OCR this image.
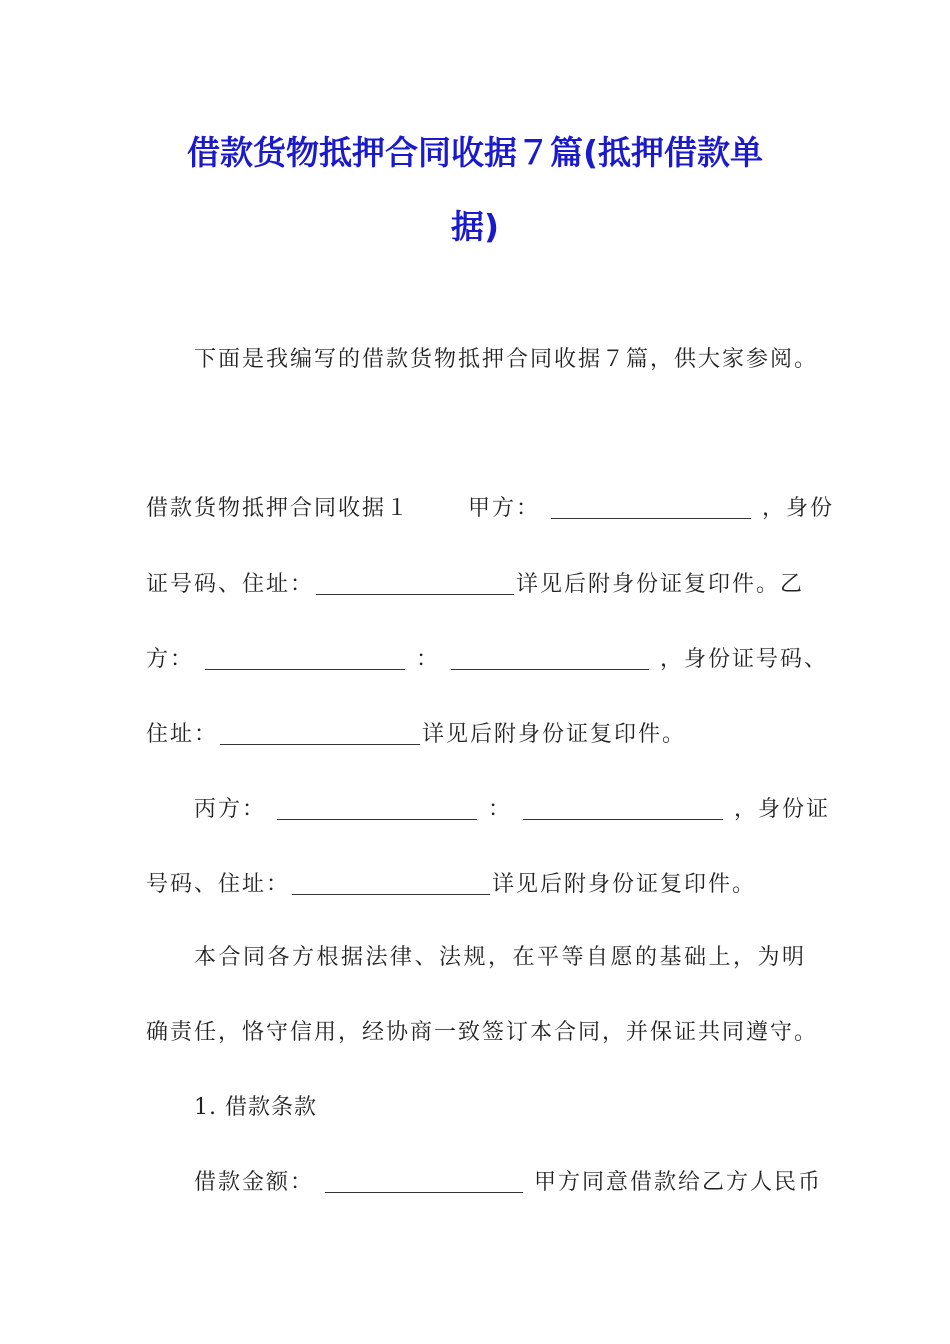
借款货物抵押合同收据７篇(抵押借款单
据)
下面是我编写的借款货物抵押合同收据７篇，供大家参阅。
借款货物抵押合同收据１	甲方：	，身份
证号码、住址：	详见后附身份证复印件。乙
方：	：	，身份证号码、
住址：	详见后附身份证复印件。
丙方：	：	，身份证
号码、住址：	详见后附身份证复印件。
本合同各方根据法律、法规，在平等自愿的基础上，为明
确责任，恪守信用，经协商一致签订本合同，并保证共同遵守。
1. 借款条款
借款金额：	甲方同意借款给乙方人民币
